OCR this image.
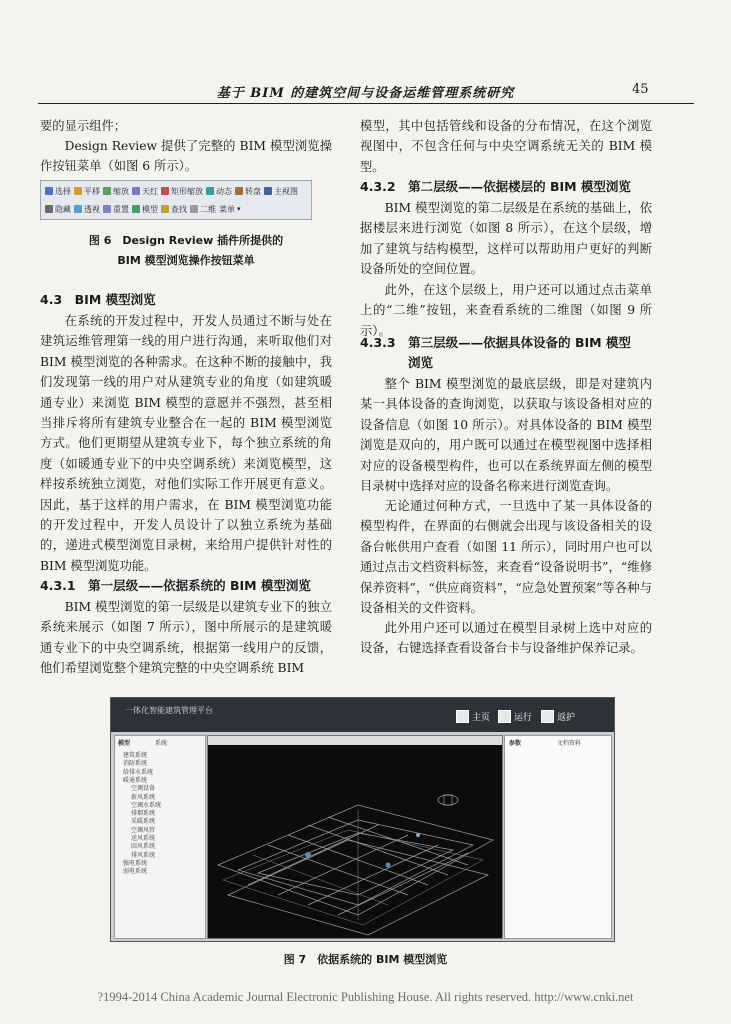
基于 BIM 的建筑空间与设备运维管理系统研究	45

要的显示组件；

Design Review 提供了完整的 BIM 模型浏览操作按钮菜单（如图 6 所示）。

选择 平移 缩放 天红 矩形缩放 动态 转盘 主视图
隐藏 透视 重置 模型 查找 二维 菜单 ▾
图 6　Design Review 插件所提供的
BIM 模型浏览操作按钮菜单

4.3　BIM 模型浏览

在系统的开发过程中，开发人员通过不断与处在建筑运维管理第一线的用户进行沟通，来听取他们对 BIM 模型浏览的各种需求。在这种不断的接触中，我们发现第一线的用户对从建筑专业的角度（如建筑暖通专业）来浏览 BIM 模型的意愿并不强烈，甚至相当排斥将所有建筑专业整合在一起的 BIM 模型浏览方式。他们更期望从建筑专业下，每个独立系统的角度（如暖通专业下的中央空调系统）来浏览模型，这样按系统独立浏览，对他们实际工作开展更有意义。因此，基于这样的用户需求，在 BIM 模型浏览功能的开发过程中，开发人员设计了以独立系统为基础的，递进式模型浏览目录树，来给用户提供针对性的 BIM 模型浏览功能。

4.3.1　第一层级——依据系统的 BIM 模型浏览

BIM 模型浏览的第一层级是以建筑专业下的独立系统来展示（如图 7 所示），图中所展示的是建筑暖通专业下的中央空调系统，根据第一线用户的反馈，他们希望浏览整个建筑完整的中央空调系统 BIM

模型，其中包括管线和设备的分布情况，在这个浏览视图中，不包含任何与中央空调系统无关的 BIM 模型。

4.3.2　第二层级——依据楼层的 BIM 模型浏览

BIM 模型浏览的第二层级是在系统的基础上，依据楼层来进行浏览（如图 8 所示），在这个层级，增加了建筑与结构模型，这样可以帮助用户更好的判断设备所处的空间位置。

此外，在这个层级上，用户还可以通过点击菜单上的“二维”按钮，来查看系统的二维图（如图 9 所示）。

4.3.3　第三层级——依据具体设备的 BIM 模型

浏览

整个 BIM 模型浏览的最底层级，即是对建筑内某一具体设备的查询浏览，以获取与该设备相对应的设备信息（如图 10 所示）。对具体设备的 BIM 模型浏览是双向的，用户既可以通过在模型视图中选择相对应的设备模型构件，也可以在系统界面左侧的模型目录树中选择对应的设备名称来进行浏览查询。

无论通过何种方式，一旦选中了某一具体设备的模型构件，在界面的右侧就会出现与该设备相关的设备台帐供用户查看（如图 11 所示），同时用户也可以通过点击文档资料标签，来查看“设备说明书”，“维修保养资料”，“供应商资料”，“应急处置预案”等各种与设备相关的文件资料。

此外用户还可以通过在模型目录树上选中对应的设备，右键选择查看设备台卡与设备维护保养记录。

一体化智能建筑管理平台
主页	运行	返护
模型	系统
建筑系统
消防系统
给排水系统
暖通系统
空调设备
新风系统
空调水系统
排烟系统
采暖系统
空调风管
送风系统
回风系统
排风系统
强电系统
弱电系统
参数	文档资料
图 7　依据系统的 BIM 模型浏览
?1994-2014 China Academic Journal Electronic Publishing House. All rights reserved. http://www.cnki.net
